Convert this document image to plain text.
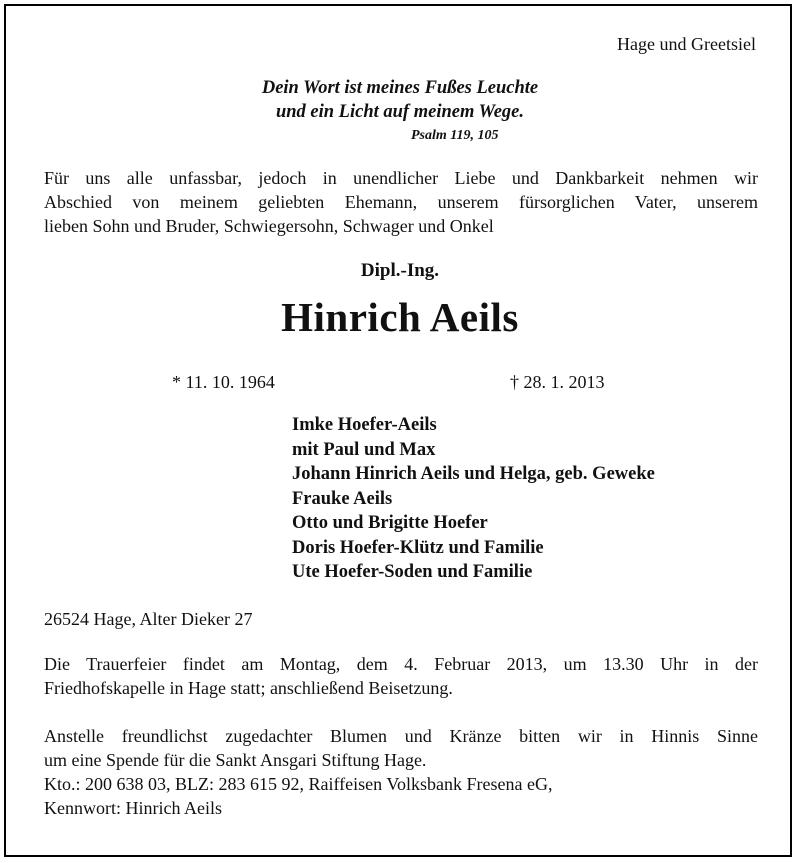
Hage und Greetsiel
Dein Wort ist meines Fußes Leuchte
und ein Licht auf meinem Wege.
Psalm 119, 105
Für uns alle unfassbar, jedoch in unendlicher Liebe und Dankbarkeit nehmen wir
Abschied von meinem geliebten Ehemann, unserem fürsorglichen Vater, unserem
lieben Sohn und Bruder, Schwiegersohn, Schwager und Onkel
Dipl.-Ing.
Hinrich Aeils
* 11. 10. 1964	† 28. 1. 2013
Imke Hoefer-Aeils
mit Paul und Max
Johann Hinrich Aeils und Helga, geb. Geweke
Frauke Aeils
Otto und Brigitte Hoefer
Doris Hoefer-Klütz und Familie
Ute Hoefer-Soden und Familie
26524 Hage, Alter Dieker 27
Die Trauerfeier findet am Montag, dem 4. Februar 2013, um 13.30 Uhr in der
Friedhofskapelle in Hage statt; anschließend Beisetzung.
Anstelle freundlichst zugedachter Blumen und Kränze bitten wir in Hinnis Sinne
um eine Spende für die Sankt Ansgari Stiftung Hage.
Kto.: 200 638 03, BLZ: 283 615 92, Raiffeisen Volksbank Fresena eG,
Kennwort: Hinrich Aeils
